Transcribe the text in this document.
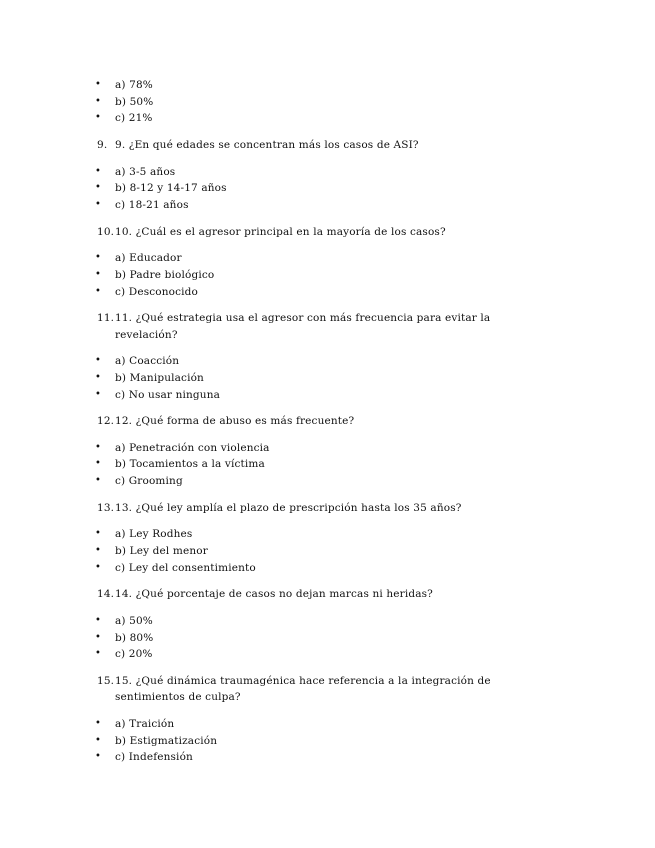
•	a) 78%
•	b) 50%
•	c) 21%
9. 9. ¿En qué edades se concentran más los casos de ASI?
•	a) 3-5 años
•	b) 8-12 y 14-17 años
•	c) 18-21 años
10. 10. ¿Cuál es el agresor principal en la mayoría de los casos?
•	a) Educador
•	b) Padre biológico
•	c) Desconocido
11. 11. ¿Qué estrategia usa el agresor con más frecuencia para evitar la revelación?
•	a) Coacción
•	b) Manipulación
•	c) No usar ninguna
12. 12. ¿Qué forma de abuso es más frecuente?
•	a) Penetración con violencia
•	b) Tocamientos a la víctima
•	c) Grooming
13. 13. ¿Qué ley amplía el plazo de prescripción hasta los 35 años?
•	a) Ley Rodhes
•	b) Ley del menor
•	c) Ley del consentimiento
14. 14. ¿Qué porcentaje de casos no dejan marcas ni heridas?
•	a) 50%
•	b) 80%
•	c) 20%
15. 15. ¿Qué dinámica traumagénica hace referencia a la integración de sentimientos de culpa?
•	a) Traición
•	b) Estigmatización
•	c) Indefensión
